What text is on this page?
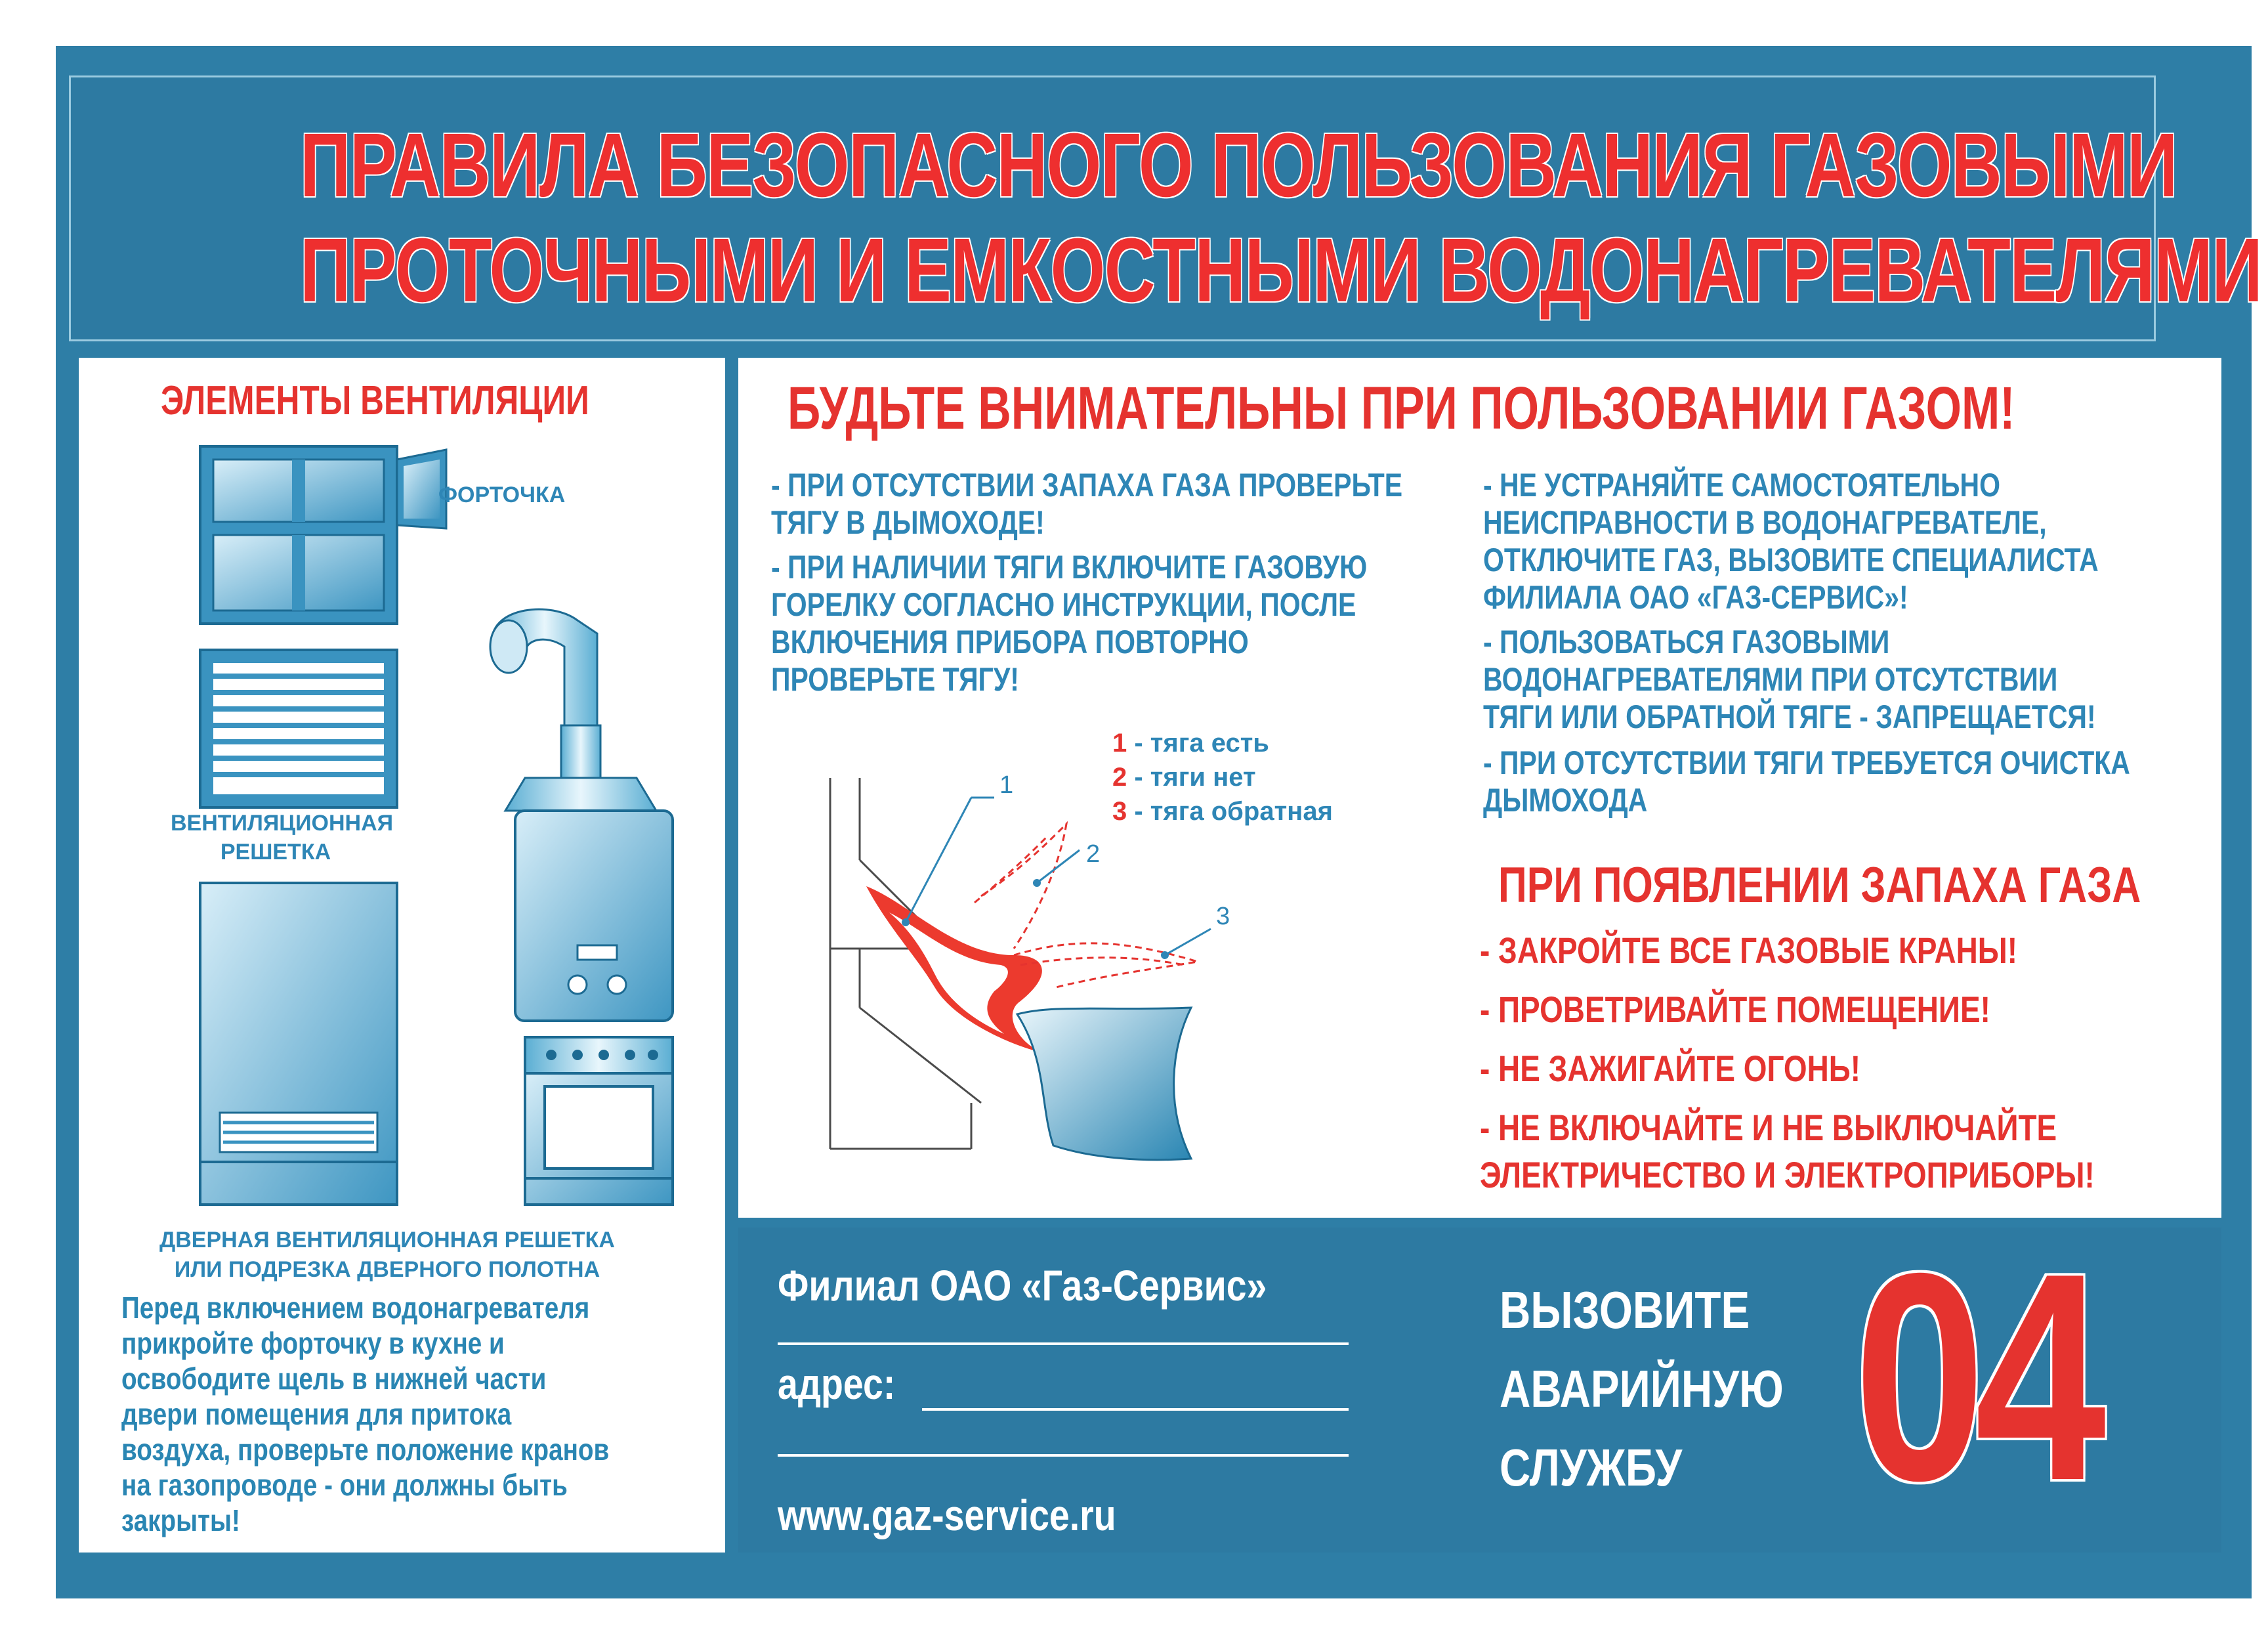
ПРАВИЛА БЕЗОПАСНОГО ПОЛЬЗОВАНИЯ ГАЗОВЫМИ
ПРОТОЧНЫМИ И ЕМКОСТНЫМИ ВОДОНАГРЕВАТЕЛЯМИ
ЭЛЕМЕНТЫ ВЕНТИЛЯЦИИ
ФОРТОЧКА
ВЕНТИЛЯЦИОННАЯ
РЕШЕТКА
ДВЕРНАЯ ВЕНТИЛЯЦИОННАЯ РЕШЕТКА
ИЛИ ПОДРЕЗКА ДВЕРНОГО ПОЛОТНА
Перед включением водонагревателя
прикройте форточку в кухне и
освободите щель в нижней части
двери помещения для притока
воздуха, проверьте положение кранов
на газопроводе - они должны быть
закрыты!
БУДЬТЕ ВНИМАТЕЛЬНЫ ПРИ ПОЛЬЗОВАНИИ ГАЗОМ!
- ПРИ ОТСУТСТВИИ ЗАПАХА ГАЗА ПРОВЕРЬТЕ
ТЯГУ В ДЫМОХОДЕ!
- ПРИ НАЛИЧИИ ТЯГИ ВКЛЮЧИТЕ ГАЗОВУЮ
ГОРЕЛКУ СОГЛАСНО ИНСТРУКЦИИ, ПОСЛЕ
ВКЛЮЧЕНИЯ ПРИБОРА ПОВТОРНО
ПРОВЕРЬТЕ ТЯГУ!
- НЕ УСТРАНЯЙТЕ САМОСТОЯТЕЛЬНО
НЕИСПРАВНОСТИ В ВОДОНАГРЕВАТЕЛЕ,
ОТКЛЮЧИТЕ ГАЗ, ВЫЗОВИТЕ СПЕЦИАЛИСТА
ФИЛИАЛА ОАО «ГАЗ-СЕРВИС»!
- ПОЛЬЗОВАТЬСЯ ГАЗОВЫМИ
ВОДОНАГРЕВАТЕЛЯМИ ПРИ ОТСУТСТВИИ
ТЯГИ ИЛИ ОБРАТНОЙ ТЯГЕ - ЗАПРЕЩАЕТСЯ!
- ПРИ ОТСУТСТВИИ ТЯГИ ТРЕБУЕТСЯ ОЧИСТКА
ДЫМОХОДА
1 - тяга есть
2 - тяги нет
3 - тяга обратная
1
2
3
ПРИ ПОЯВЛЕНИИ ЗАПАХА ГАЗА
- ЗАКРОЙТЕ ВСЕ ГАЗОВЫЕ КРАНЫ!
- ПРОВЕТРИВАЙТЕ ПОМЕЩЕНИЕ!
- НЕ ЗАЖИГАЙТЕ ОГОНЬ!
- НЕ ВКЛЮЧАЙТЕ И НЕ ВЫКЛЮЧАЙТЕ
ЭЛЕКТРИЧЕСТВО И ЭЛЕКТРОПРИБОРЫ!
Филиал ОАО «Газ-Сервис»
адрес:
www.gaz-service.ru
ВЫЗОВИТЕ
АВАРИЙНУЮ
СЛУЖБУ 04
